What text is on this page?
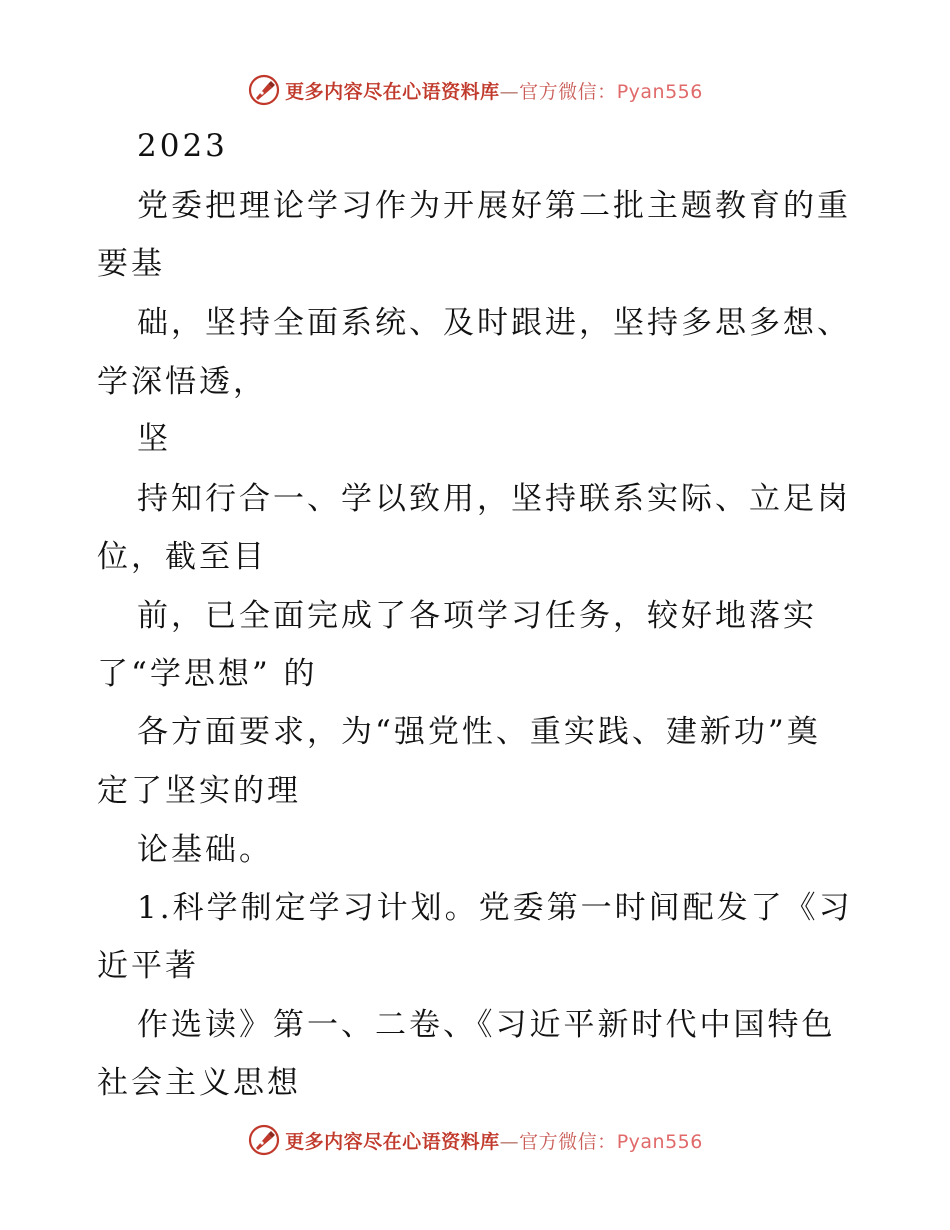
更多内容尽在心语资料库—官方微信：Pyan556
2023
党委把理论学习作为开展好第二批主题教育的重
要基
础，坚持全面系统、及时跟进，坚持多思多想、
学深悟透，
坚
持知行合一、学以致用，坚持联系实际、立足岗
位，截至目
前，已全面完成了各项学习任务，较好地落实
了“学思想” 的
各方面要求，为“强党性、重实践、建新功”奠
定了坚实的理
论基础。
1.科学制定学习计划。党委第一时间配发了《习
近平著
作选读》第一、二卷、《习近平新时代中国特色
社会主义思想
更多内容尽在心语资料库—官方微信：Pyan556
